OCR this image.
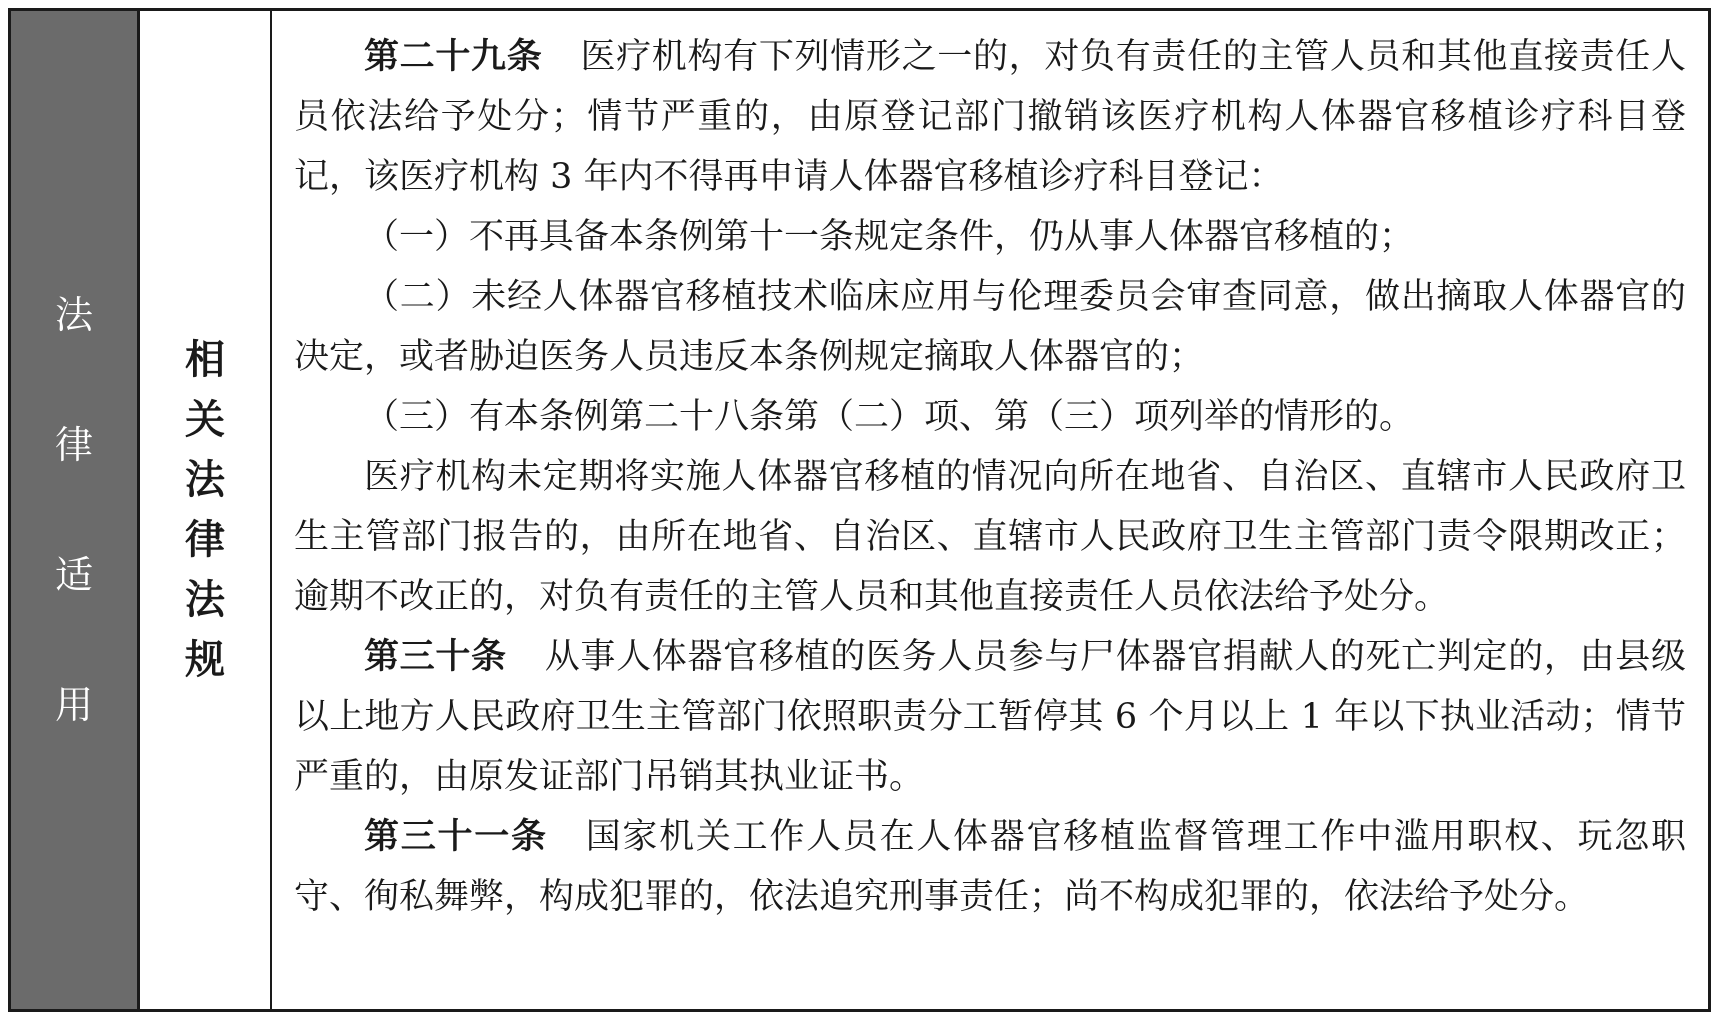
法
律
适
用
相
关
法
律
法
规

第二十九条 医疗机构有下列情形之一的，对负有责任的主管人员和其他直接责任人员依法给予处分；情节严重的，由原登记部门撤销该医疗机构人体器官移植诊疗科目登记，该医疗机构 3 年内不得再申请人体器官移植诊疗科目登记：

（一）不再具备本条例第十一条规定条件，仍从事人体器官移植的；

（二）未经人体器官移植技术临床应用与伦理委员会审查同意，做出摘取人体器官的决定，或者胁迫医务人员违反本条例规定摘取人体器官的；

（三）有本条例第二十八条第（二）项、第（三）项列举的情形的。

医疗机构未定期将实施人体器官移植的情况向所在地省、自治区、直辖市人民政府卫生主管部门报告的，由所在地省、自治区、直辖市人民政府卫生主管部门责令限期改正；逾期不改正的，对负有责任的主管人员和其他直接责任人员依法给予处分。

第三十条 从事人体器官移植的医务人员参与尸体器官捐献人的死亡判定的，由县级以上地方人民政府卫生主管部门依照职责分工暂停其 6 个月以上 1 年以下执业活动；情节严重的，由原发证部门吊销其执业证书。

第三十一条 国家机关工作人员在人体器官移植监督管理工作中滥用职权、玩忽职守、徇私舞弊，构成犯罪的，依法追究刑事责任；尚不构成犯罪的，依法给予处分。
